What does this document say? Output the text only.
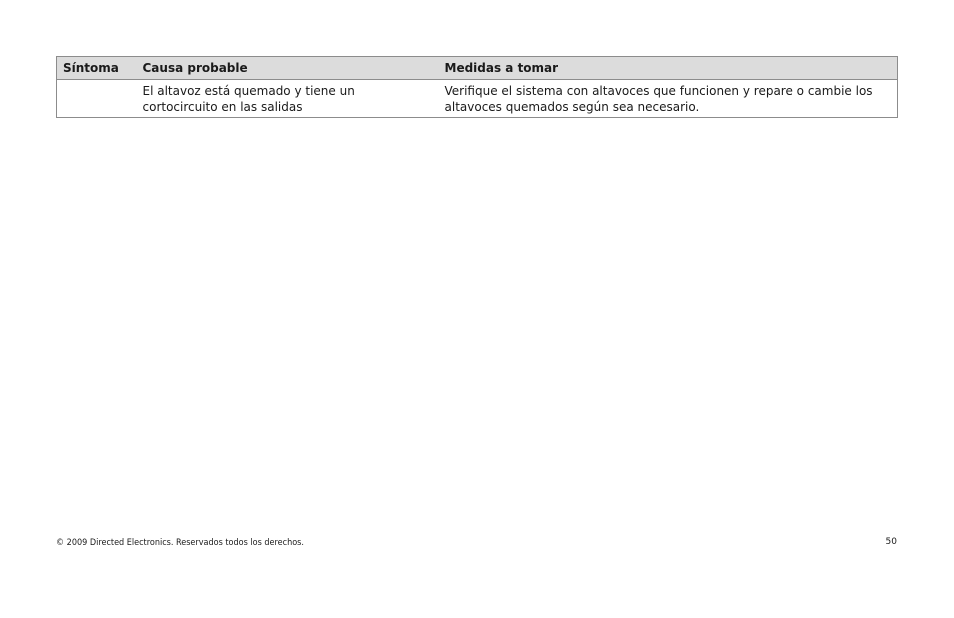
Síntoma	Causa probable	Medidas a tomar
	El altavoz está quemado y tiene un cortocircuito en las salidas	Verifique el sistema con altavoces que funcionen y repare o cambie los altavoces quemados según sea necesario.
© 2009 Directed Electronics. Reservados todos los derechos.	50
